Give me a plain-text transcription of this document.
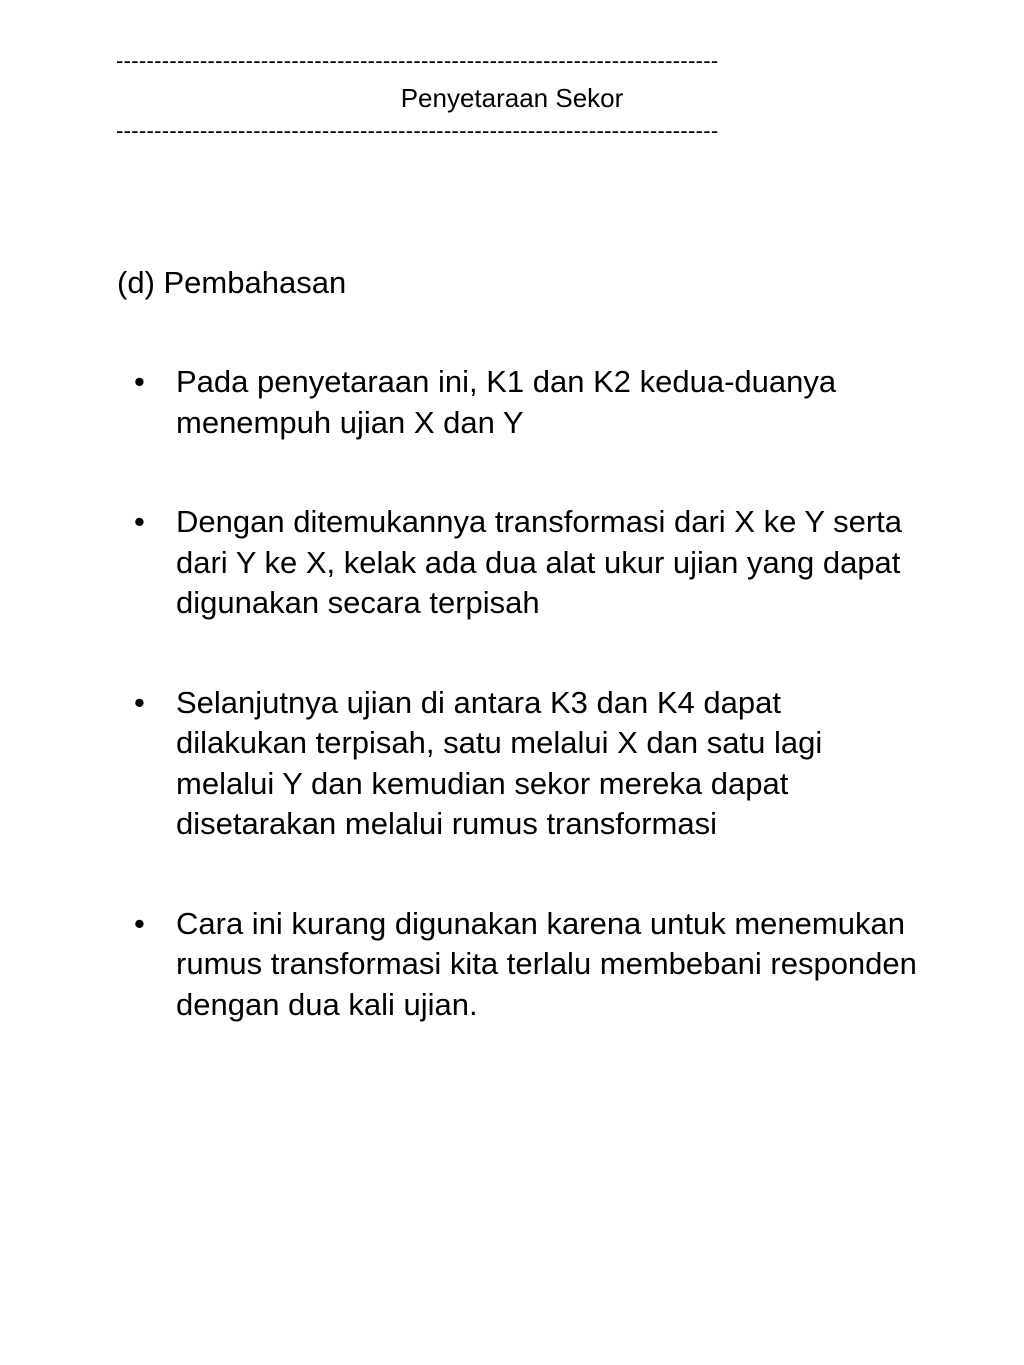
-------------------------------------------------------------------------------
Penyetaraan Sekor
-------------------------------------------------------------------------------
(d) Pembahasan
• Pada penyetaraan ini, K1 dan K2 kedua-duanya menempuh ujian X dan Y
• Dengan ditemukannya transformasi dari X ke Y serta dari Y ke X, kelak ada dua alat ukur ujian yang dapat digunakan secara terpisah
• Selanjutnya ujian di antara K3 dan K4 dapat dilakukan terpisah, satu melalui X dan satu lagi melalui Y dan kemudian sekor mereka dapat disetarakan melalui rumus transformasi
• Cara ini kurang digunakan karena untuk menemukan rumus transformasi kita terlalu membebani responden dengan dua kali ujian.
